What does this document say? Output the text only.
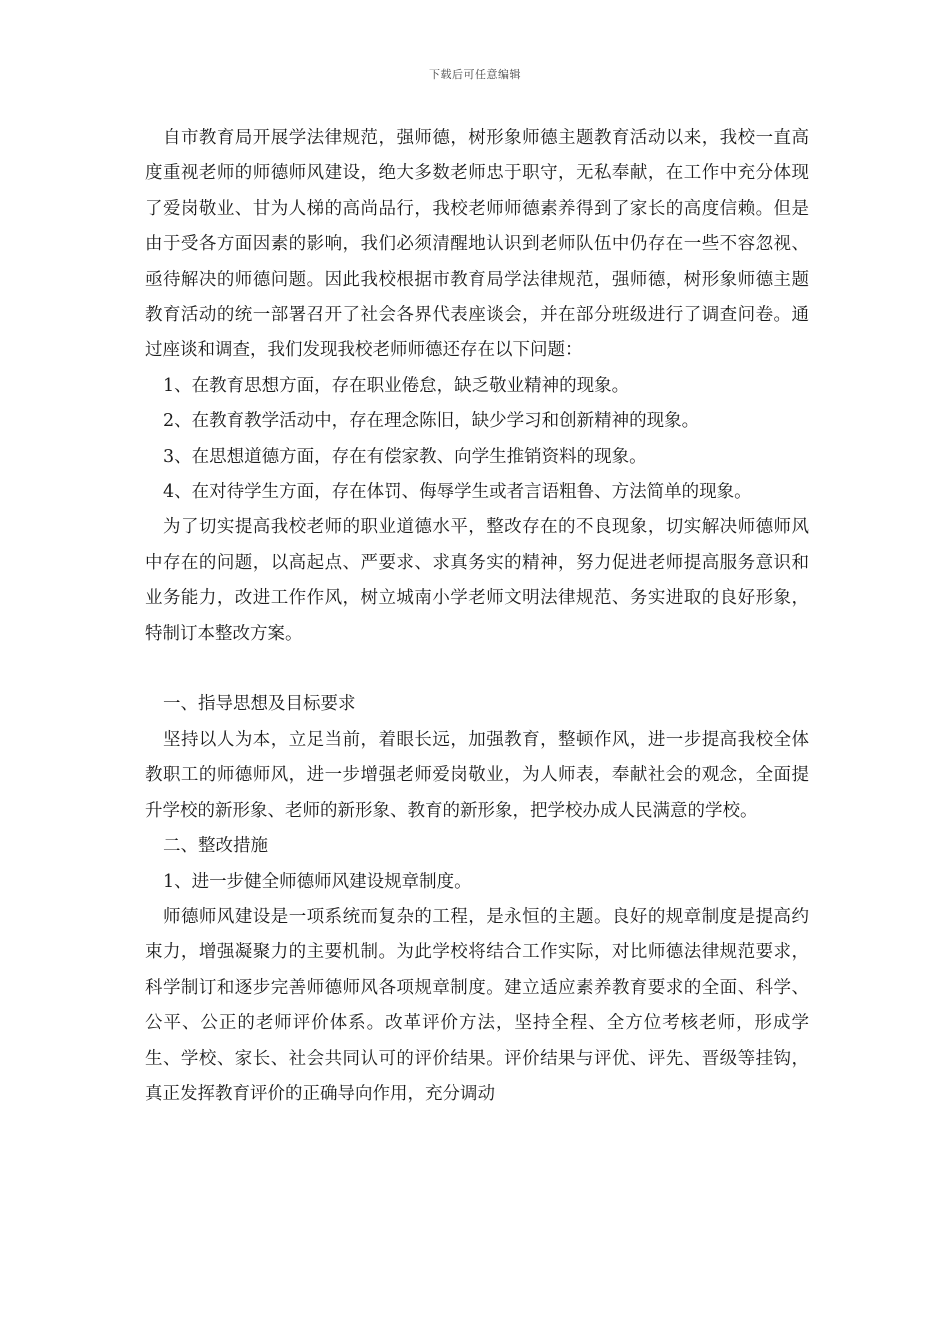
下载后可任意编辑

自市教育局开展学法律规范，强师德，树形象师德主题教育活动以来，我校一直高度重视老师的师德师风建设，绝大多数老师忠于职守，无私奉献，在工作中充分体现了爱岗敬业、甘为人梯的高尚品行，我校老师师德素养得到了家长的高度信赖。但是由于受各方面因素的影响，我们必须清醒地认识到老师队伍中仍存在一些不容忽视、亟待解决的师德问题。因此我校根据市教育局学法律规范，强师德，树形象师德主题教育活动的统一部署召开了社会各界代表座谈会，并在部分班级进行了调查问卷。通过座谈和调查，我们发现我校老师师德还存在以下问题：

1、在教育思想方面，存在职业倦怠，缺乏敬业精神的现象。

2、在教育教学活动中，存在理念陈旧，缺少学习和创新精神的现象。

3、在思想道德方面，存在有偿家教、向学生推销资料的现象。

4、在对待学生方面，存在体罚、侮辱学生或者言语粗鲁、方法简单的现象。

为了切实提高我校老师的职业道德水平，整改存在的不良现象，切实解决师德师风中存在的问题，以高起点、严要求、求真务实的精神，努力促进老师提高服务意识和业务能力，改进工作作风，树立城南小学老师文明法律规范、务实进取的良好形象，特制订本整改方案。

一、指导思想及目标要求

坚持以人为本，立足当前，着眼长远，加强教育，整顿作风，进一步提高我校全体教职工的师德师风，进一步增强老师爱岗敬业，为人师表，奉献社会的观念，全面提升学校的新形象、老师的新形象、教育的新形象，把学校办成人民满意的学校。

二、整改措施

1、进一步健全师德师风建设规章制度。

师德师风建设是一项系统而复杂的工程，是永恒的主题。良好的规章制度是提高约束力，增强凝聚力的主要机制。为此学校将结合工作实际，对比师德法律规范要求，科学制订和逐步完善师德师风各项规章制度。建立适应素养教育要求的全面、科学、公平、公正的老师评价体系。改革评价方法，坚持全程、全方位考核老师，形成学生、学校、家长、社会共同认可的评价结果。评价结果与评优、评先、晋级等挂钩，真正发挥教育评价的正确导向作用，充分调动
